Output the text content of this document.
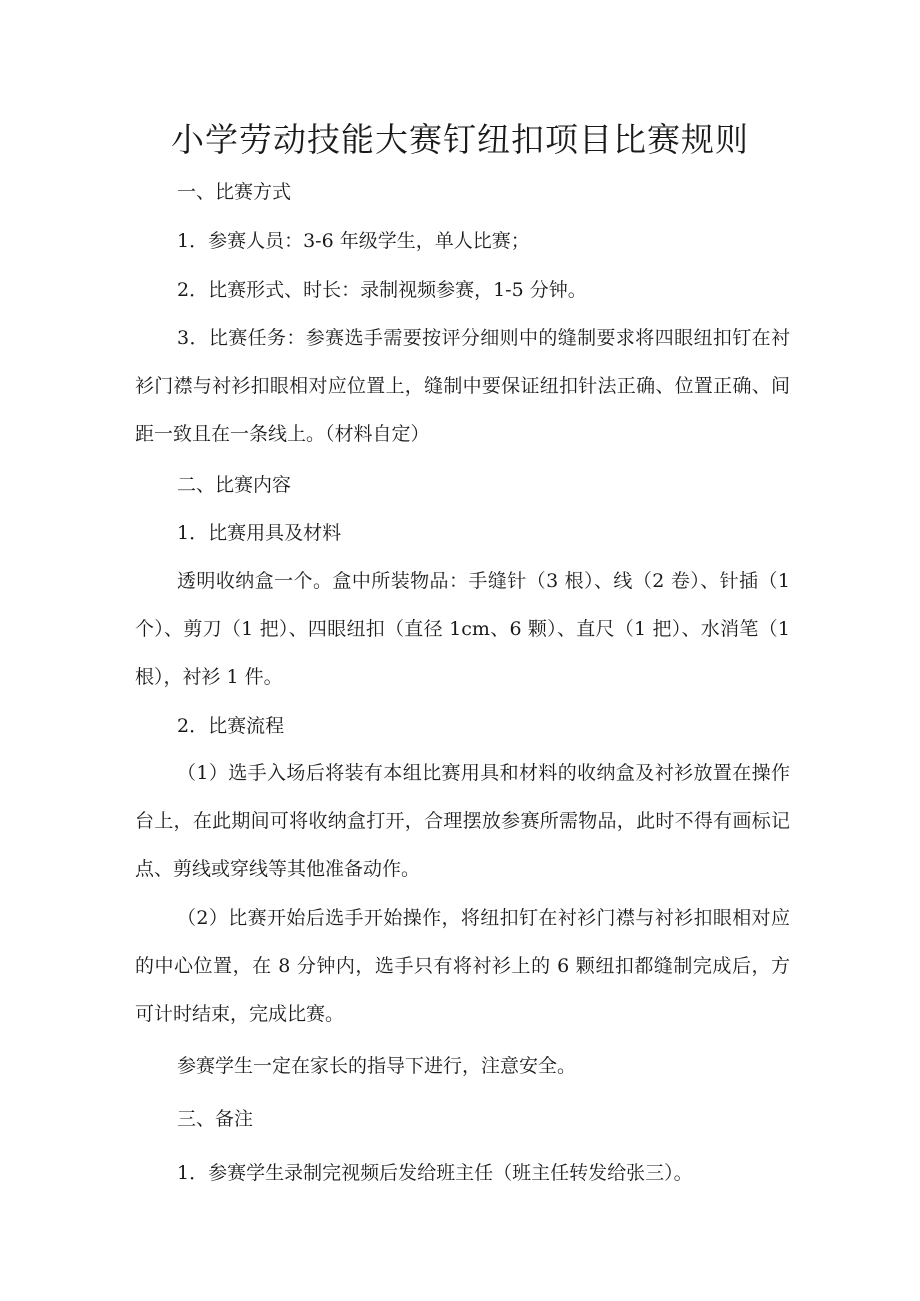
小学劳动技能大赛钉纽扣项目比赛规则

一、比赛方式

1．参赛人员：3-6 年级学生，单人比赛；

2．比赛形式、时长：录制视频参赛，1-5 分钟。

3．比赛任务：参赛选手需要按评分细则中的缝制要求将四眼纽扣钉在衬衫门襟与衬衫扣眼相对应位置上，缝制中要保证纽扣针法正确、位置正确、间距一致且在一条线上。（材料自定）

二、比赛内容

1．比赛用具及材料

透明收纳盒一个。盒中所装物品：手缝针（3 根）、线（2 卷）、针插（1 个）、剪刀（1 把）、四眼纽扣（直径 1cm、6 颗）、直尺（1 把）、水消笔（1 根），衬衫 1 件。

2．比赛流程

（1）选手入场后将装有本组比赛用具和材料的收纳盒及衬衫放置在操作台上，在此期间可将收纳盒打开，合理摆放参赛所需物品，此时不得有画标记点、剪线或穿线等其他准备动作。

（2）比赛开始后选手开始操作，将纽扣钉在衬衫门襟与衬衫扣眼相对应的中心位置，在 8 分钟内，选手只有将衬衫上的 6 颗纽扣都缝制完成后，方可计时结束，完成比赛。

参赛学生一定在家长的指导下进行，注意安全。

三、备注

1．参赛学生录制完视频后发给班主任（班主任转发给张三）。
